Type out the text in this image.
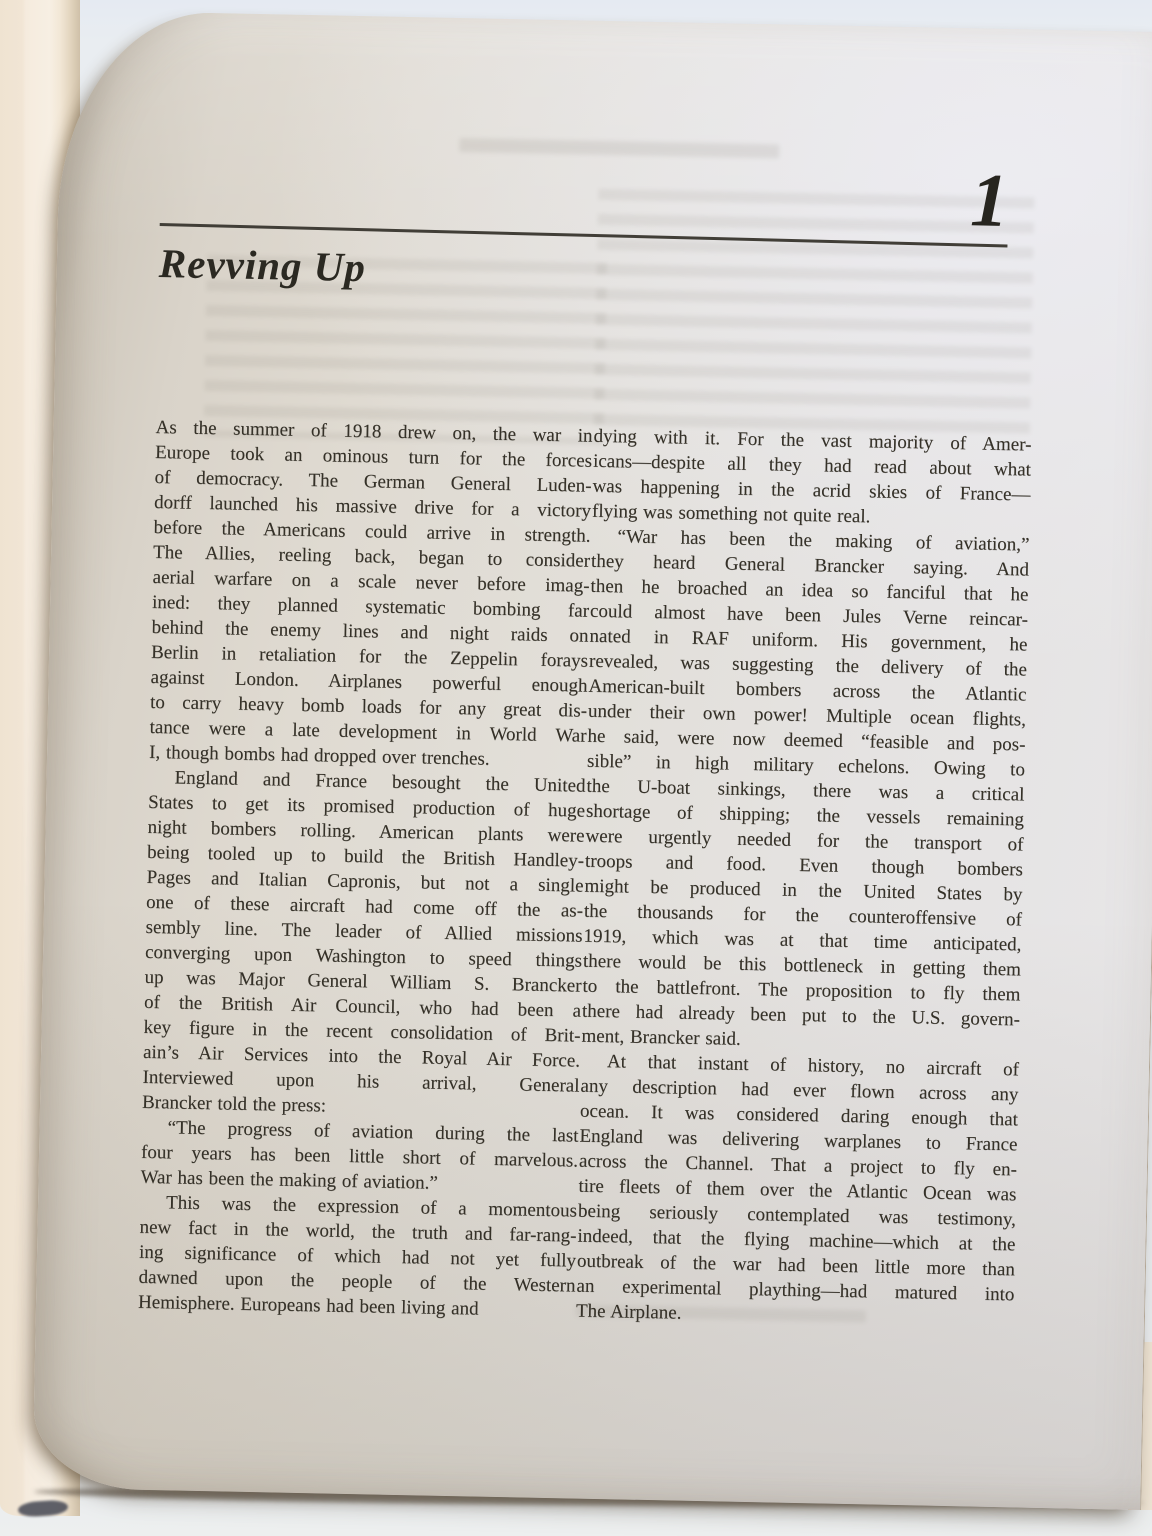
1
Revving Up
As the summer of 1918 drew on, the war in
Europe took an ominous turn for the forces
of democracy. The German General Luden-
dorff launched his massive drive for a victory
before the Americans could arrive in strength.
The Allies, reeling back, began to consider
aerial warfare on a scale never before imag-
ined: they planned systematic bombing far
behind the enemy lines and night raids on
Berlin in retaliation for the Zeppelin forays
against London. Airplanes powerful enough
to carry heavy bomb loads for any great dis-
tance were a late development in World War
I, though bombs had dropped over trenches.
England and France besought the United
States to get its promised production of huge
night bombers rolling. American plants were
being tooled up to build the British Handley-
Pages and Italian Capronis, but not a single
one of these aircraft had come off the as-
sembly line. The leader of Allied missions
converging upon Washington to speed things
up was Major General William S. Brancker
of the British Air Council, who had been a
key figure in the recent consolidation of Brit-
ain’s Air Services into the Royal Air Force.
Interviewed upon his arrival, General
Brancker told the press:
“The progress of aviation during the last
four years has been little short of marvelous.
War has been the making of aviation.”
This was the expression of a momentous
new fact in the world, the truth and far-rang-
ing significance of which had not yet fully
dawned upon the people of the Western
Hemisphere. Europeans had been living and
dying with it. For the vast majority of Amer-
icans—despite all they had read about what
was happening in the acrid skies of France—
flying was something not quite real.
“War has been the making of aviation,”
they heard General Brancker saying. And
then he broached an idea so fanciful that he
could almost have been Jules Verne reincar-
nated in RAF uniform. His government, he
revealed, was suggesting the delivery of the
American-built bombers across the Atlantic
under their own power! Multiple ocean flights,
he said, were now deemed “feasible and pos-
sible” in high military echelons. Owing to
the U-boat sinkings, there was a critical
shortage of shipping; the vessels remaining
were urgently needed for the transport of
troops and food. Even though bombers
might be produced in the United States by
the thousands for the counteroffensive of
1919, which was at that time anticipated,
there would be this bottleneck in getting them
to the battlefront. The proposition to fly them
there had already been put to the U.S. govern-
ment, Brancker said.
At that instant of history, no aircraft of
any description had ever flown across any
ocean. It was considered daring enough that
England was delivering warplanes to France
across the Channel. That a project to fly en-
tire fleets of them over the Atlantic Ocean was
being seriously contemplated was testimony,
indeed, that the flying machine—which at the
outbreak of the war had been little more than
an experimental plaything—had matured into
The Airplane.
